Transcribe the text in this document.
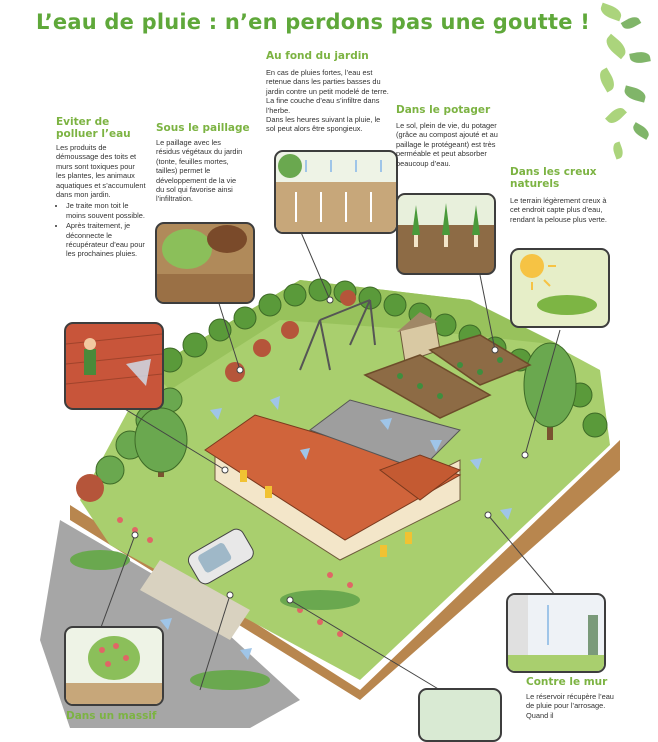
L’eau de pluie : n’en perdons pas une goutte !
Eviter de polluer l’eau
Les produits de démoussage des toits et murs sont toxiques pour les plantes, les animaux aquatiques et s’accumulent dans mon jardin.
• Je traite mon toit le moins souvent possible.
• Après traitement, je déconnecte le récupérateur d’eau pour les prochaines pluies.
Sous le paillage
Le paillage avec les résidus végétaux du jardin (tonte, feuilles mortes, tailles) permet le développement de la vie du sol qui favorise ainsi l’infiltration.
Au fond du jardin
En cas de pluies fortes, l’eau est retenue dans les parties basses du jardin contre un petit modelé de terre. La fine couche d’eau s’infiltre dans l’herbe.
Dans les heures suivant la pluie, le sol peut alors être spongieux.
Dans le potager
Le sol, plein de vie, du potager (grâce au compost ajouté et au paillage le protégeant) est très perméable et peut absorber beaucoup d’eau.
Dans les creux naturels
Le terrain légèrement creux à cet endroit capte plus d’eau, rendant la pelouse plus verte.
Contre le mur
Le réservoir récupère l’eau de pluie pour l’arrosage. Quand il
Dans un massif
